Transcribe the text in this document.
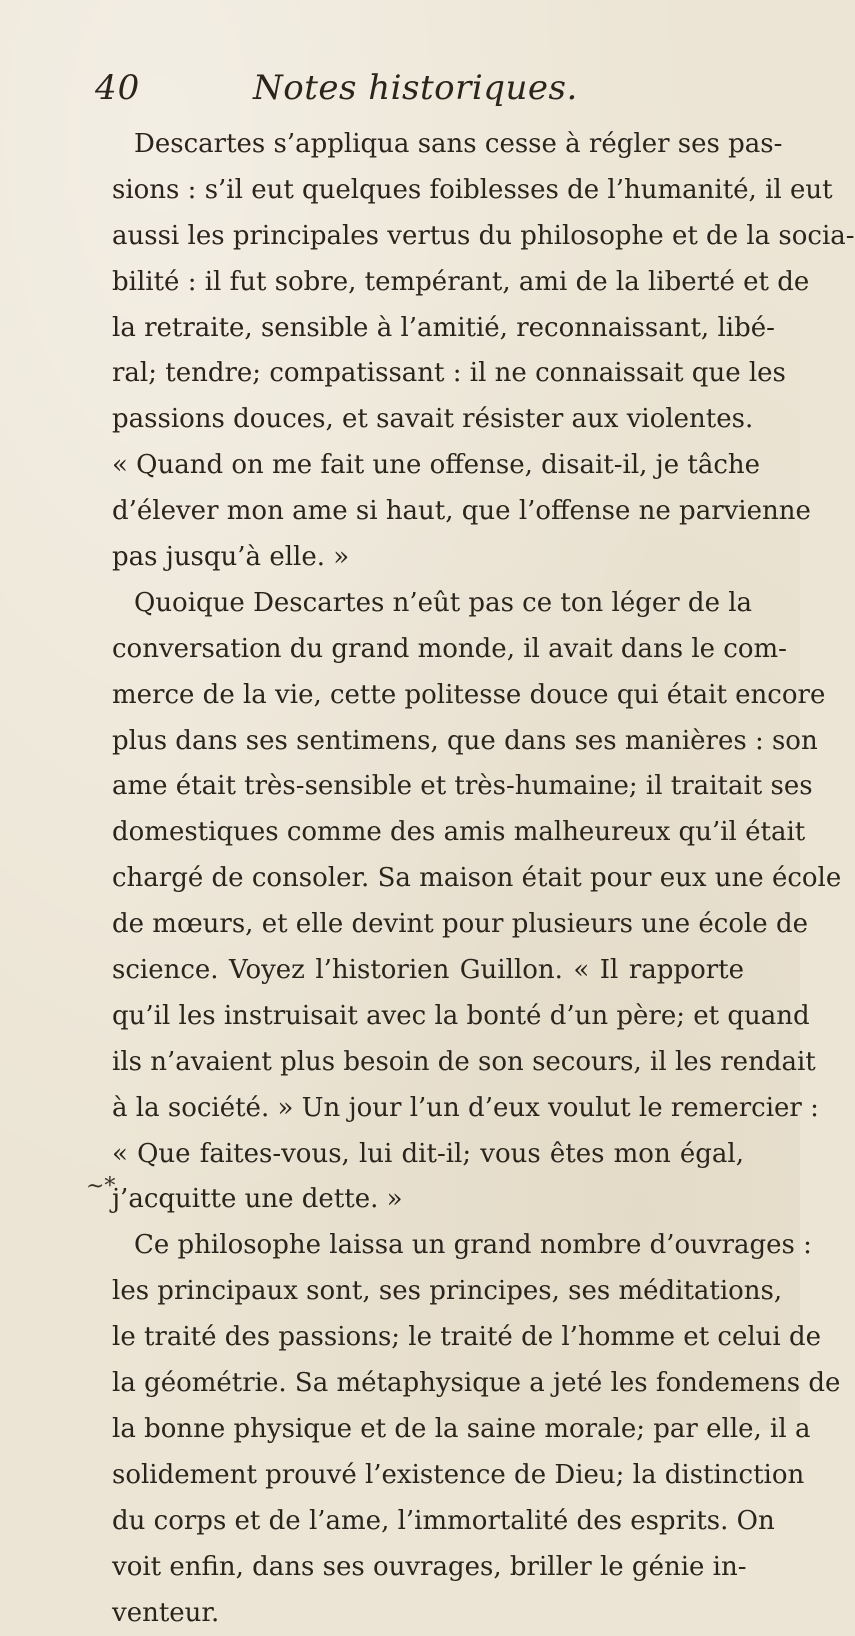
40	Notes historiques.
~*
Descartes s’appliqua sans cesse à régler ses pas-
sions : s’il eut quelques foiblesses de l’humanité, il eut
aussi les principales vertus du philosophe et de la socia-
bilité : il fut sobre, tempérant, ami de la liberté et de
la retraite, sensible à l’amitié, reconnaissant, libé-
ral; tendre; compatissant : il ne connaissait que les
passions douces, et savait résister aux violentes.
« Quand on me fait une offense, disait-il, je tâche
d’élever mon ame si haut, que l’offense ne parvienne
pas jusqu’à elle. »
Quoique Descartes n’eût pas ce ton léger de la
conversation du grand monde, il avait dans le com-
merce de la vie, cette politesse douce qui était encore
plus dans ses sentimens, que dans ses manières : son
ame était très-sensible et très-humaine; il traitait ses
domestiques comme des amis malheureux qu’il était
chargé de consoler. Sa maison était pour eux une école
de mœurs, et elle devint pour plusieurs une école de
science. Voyez l’historien Guillon. « Il rapporte
qu’il les instruisait avec la bonté d’un père; et quand
ils n’avaient plus besoin de son secours, il les rendait
à la société. » Un jour l’un d’eux voulut le remercier :
« Que faites-vous, lui dit-il; vous êtes mon égal,
j’acquitte une dette. »
Ce philosophe laissa un grand nombre d’ouvrages :
les principaux sont, ses principes, ses méditations,
le traité des passions; le traité de l’homme et celui de
la géométrie. Sa métaphysique a jeté les fondemens de
la bonne physique et de la saine morale; par elle, il a
solidement prouvé l’existence de Dieu; la distinction
du corps et de l’ame, l’immortalité des esprits. On
voit enfin, dans ses ouvrages, briller le génie in-
venteur.
